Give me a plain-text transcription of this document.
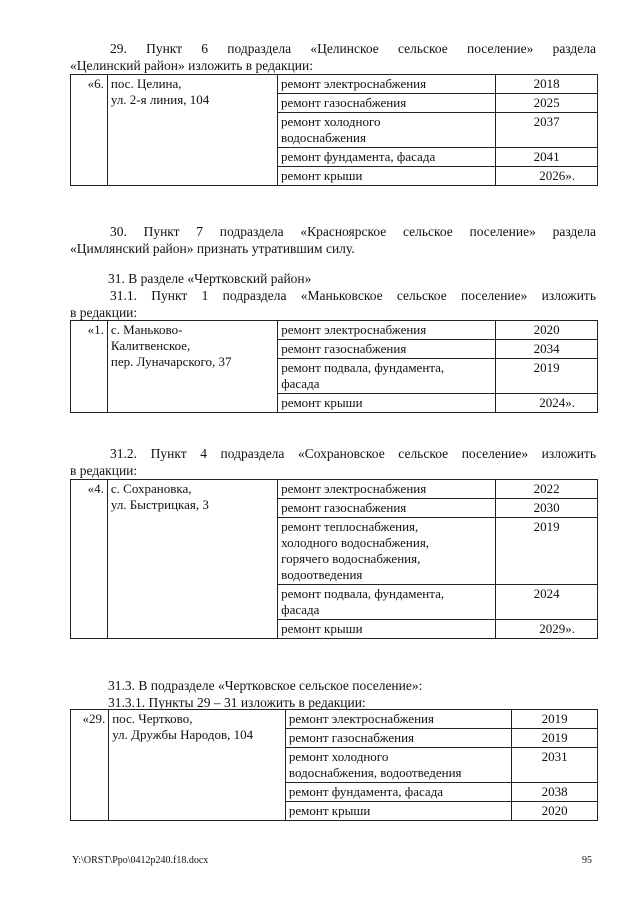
29. Пункт 6 подраздела «Целинское сельское поселение» раздела
«Целинский район» изложить в редакции:
«6.	пос. Целина,
ул. 2-я линия, 104	ремонт электроснабжения	2018

		ремонт газоснабжения	2025

		ремонт холодного
водоснабжения	2037

		ремонт фундамента, фасада	2041

		ремонт крыши	2026».
30. Пункт 7 подраздела «Красноярское сельское поселение» раздела
«Цимлянский район» признать утратившим силу.
31. В разделе «Чертковский район»
31.1. Пункт 1 подраздела «Маньковское сельское поселение» изложить
в редакции:
«1.	с. Маньково-
Калитвенское,
пер. Луначарского, 37	ремонт электроснабжения	2020

		ремонт газоснабжения	2034

		ремонт подвала, фундамента,
фасада	2019

		ремонт крыши	2024».
31.2. Пункт 4 подраздела «Сохрановское сельское поселение» изложить
в редакции:
«4.	с. Сохрановка,
ул. Быстрицкая, 3	ремонт электроснабжения	2022

		ремонт газоснабжения	2030

		ремонт теплоснабжения,
холодного водоснабжения,
горячего водоснабжения,
водоотведения	2019

		ремонт подвала, фундамента,
фасада	2024

		ремонт крыши	2029».
31.3. В подразделе «Чертковское сельское поселение»:
31.3.1. Пункты 29 – 31 изложить в редакции:
«29.	пос. Чертково,
ул. Дружбы Народов, 104	ремонт электроснабжения	2019

		ремонт газоснабжения	2019

		ремонт холодного
водоснабжения, водоотведения	2031

		ремонт фундамента, фасада	2038

		ремонт крыши	2020
Y:\ORST\Ppo\0412p240.f18.docx	95
